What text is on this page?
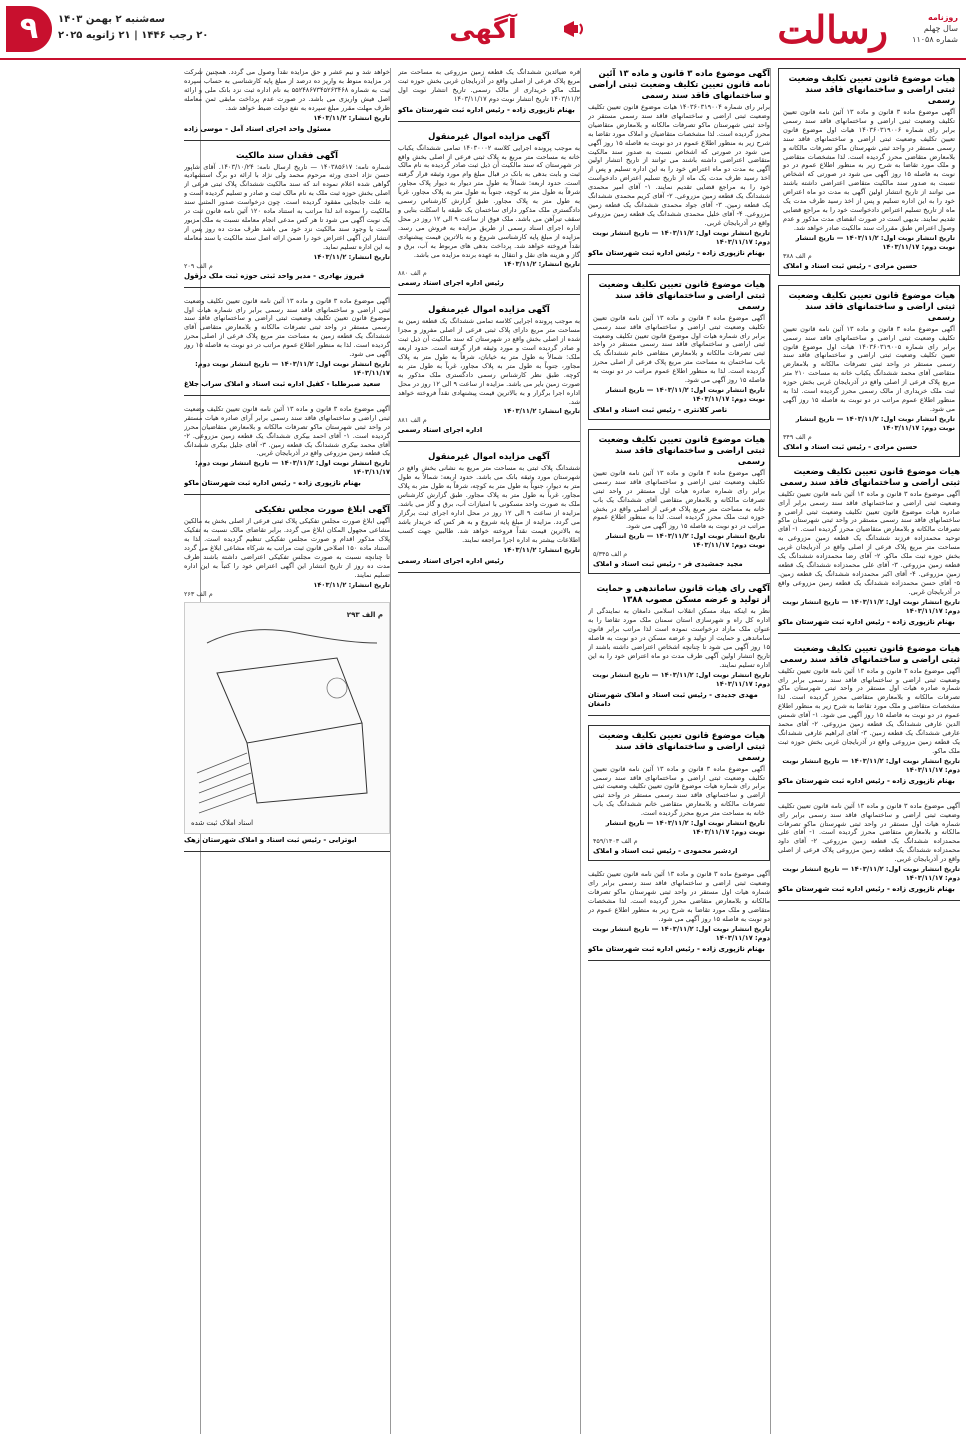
رسالت	روزنامه
سال چهلم
شماره ۱۱۰۵۸
آگهی
سه‌شنبه ۲ بهمن ۱۴۰۳
۲۰ رجب ۱۴۴۶ | ۲۱ ژانویه ۲۰۲۵
۹
هیات موضوع قانون تعیین تکلیف وضعیت ثبتی اراضی و ساختمانهای فاقد سند رسمی
آگهی موضوع ماده ۳ قانون و ماده ۱۳ آئین نامه قانون تعیین تکلیف وضعیت ثبتی اراضی و ساختمانهای فاقد سند رسمی برابر رای شماره ۱۴۰۳۶۰۳۱۹۰۰۶ هیات اول موضوع قانون تعیین تکلیف وضعیت ثبتی اراضی و ساختمانهای فاقد سند رسمی مستقر در واحد ثبتی شهرستان ماکو تصرفات مالکانه و بلامعارض متقاضی محرز گردیده است. لذا مشخصات متقاضی و ملک مورد تقاضا به شرح زیر به منظور اطلاع عموم در دو نوبت به فاصله ۱۵ روز آگهی می شود در صورتی که اشخاص نسبت به صدور سند مالکیت متقاضی اعتراضی داشته باشند می توانند از تاریخ انتشار اولین آگهی به مدت دو ماه اعتراض خود را به این اداره تسلیم و پس از اخذ رسید ظرف مدت یک ماه از تاریخ تسلیم اعتراض دادخواست خود را به مراجع قضایی تقدیم نمایند. بدیهی است در صورت انقضای مدت مذکور و عدم وصول اعتراض طبق مقررات سند مالکیت صادر خواهد شد.
تاریخ انتشار نوبت اول: ۱۴۰۳/۱۱/۲ — تاریخ انتشار نوبت دوم: ۱۴۰۳/۱۱/۱۷
م الف ۳۸۸
حسین مرادی - رئیس ثبت اسناد و املاک
هیات موضوع قانون تعیین تکلیف وضعیت ثبتی اراضی و ساختمانهای فاقد سند رسمی
آگهی موضوع ماده ۳ قانون و ماده ۱۳ آئین نامه قانون تعیین تکلیف وضعیت ثبتی اراضی و ساختمانهای فاقد سند رسمی برابر رای شماره ۱۴۰۳۶۰۳۱۹۰۰۵ هیات اول موضوع قانون تعیین تکلیف وضعیت ثبتی اراضی و ساختمانهای فاقد سند رسمی مستقر در واحد ثبتی تصرفات مالکانه و بلامعارض متقاضی آقای محمد ششدانگ یکباب خانه به مساحت ۲۱۰ متر مربع پلاک فرعی از اصلی واقع در آذربایجان غربی بخش حوزه ثبت ملک خریداری از مالک رسمی محرز گردیده است. لذا به منظور اطلاع عموم مراتب در دو نوبت به فاصله ۱۵ روز آگهی می شود.
تاریخ انتشار نوبت اول: ۱۴۰۳/۱۱/۲ — تاریخ انتشار نوبت دوم: ۱۴۰۳/۱۱/۱۷
م الف ۳۴۹
حسین مرادی - رئیس ثبت اسناد و املاک
هیات موضوع قانون تعیین تکلیف وضعیت ثبتی اراضی و ساختمانهای فاقد سند رسمی
آگهی موضوع ماده ۳ قانون و ماده ۱۳ آئین نامه قانون تعیین تکلیف وضعیت ثبتی اراضی و ساختمانهای فاقد سند رسمی برابر آرای صادره هیات موضوع قانون تعیین تکلیف وضعیت ثبتی اراضی و ساختمانهای فاقد سند رسمی مستقر در واحد ثبتی شهرستان ماکو تصرفات مالکانه و بلامعارض متقاضیان محرز گردیده است. ۱- آقای توحید محمدزاده فرزند ششدانگ یک قطعه زمین مزروعی به مساحت متر مربع پلاک فرعی از اصلی واقع در آذربایجان غربی بخش حوزه ثبت ملک ماکو. ۲- آقای رضا محمدزاده ششدانگ یک قطعه زمین مزروعی. ۳- آقای علی محمدزاده ششدانگ یک قطعه زمین مزروعی. ۴- آقای اکبر محمدزاده ششدانگ یک قطعه زمین. ۵- آقای حسن محمدزاده ششدانگ یک قطعه زمین مزروعی واقع در آذربایجان غربی.
تاریخ انتشار نوبت اول: ۱۴۰۳/۱۱/۲ — تاریخ انتشار نوبت دوم: ۱۴۰۳/۱۱/۱۷
بهنام نازپوری زاده - رئیس اداره ثبت شهرستان ماکو
هیات موضوع قانون تعیین تکلیف وضعیت ثبتی اراضی و ساختمانهای فاقد سند رسمی
آگهی موضوع ماده ۳ قانون و ماده ۱۳ آئین نامه قانون تعیین تکلیف وضعیت ثبتی اراضی و ساختمانهای فاقد سند رسمی برابر رای شماره صادره هیات اول مستقر در واحد ثبتی شهرستان ماکو تصرفات مالکانه و بلامعارض متقاضی محرز گردیده است. لذا مشخصات متقاضی و ملک مورد تقاضا به شرح زیر به منظور اطلاع عموم در دو نوبت به فاصله ۱۵ روز آگهی می شود. ۱- آقای شمس الدین عارفی ششدانگ یک قطعه زمین مزروعی. ۲- آقای محمد عارفی ششدانگ یک قطعه زمین. ۳- آقای ابراهیم عارفی ششدانگ یک قطعه زمین مزروعی واقع در آذربایجان غربی بخش حوزه ثبت ملک ماکو.
تاریخ انتشار نوبت اول: ۱۴۰۳/۱۱/۲ — تاریخ انتشار نوبت دوم: ۱۴۰۳/۱۱/۱۷
بهنام نازپوری زاده - رئیس اداره ثبت شهرستان ماکو
آگهی موضوع ماده ۳ قانون و ماده ۱۳ آئین نامه قانون تعیین تکلیف وضعیت ثبتی اراضی و ساختمانهای فاقد سند رسمی برابر رای شماره هیات اول مستقر در واحد ثبتی شهرستان ماکو تصرفات مالکانه و بلامعارض متقاضی محرز گردیده است. ۱- آقای علی محمدزاده ششدانگ یک قطعه زمین مزروعی. ۲- آقای داود محمدزاده ششدانگ یک قطعه زمین مزروعی پلاک فرعی از اصلی واقع در آذربایجان غربی.
تاریخ انتشار نوبت اول: ۱۴۰۳/۱۱/۲ — تاریخ انتشار نوبت دوم: ۱۴۰۳/۱۱/۱۷
بهنام نازپوری زاده - رئیس اداره ثبت شهرستان ماکو
آگهی موضوع ماده ۳ قانون و ماده ۱۳ آئین نامه قانون تعیین تکلیف وضعیت ثبتی اراضی و ساختمانهای فاقد سند رسمی
برابر رای شماره ۱۴۰۳۶۰۳۱۹۰۰۴ هیات موضوع قانون تعیین تکلیف وضعیت ثبتی اراضی و ساختمانهای فاقد سند رسمی مستقر در واحد ثبتی شهرستان ماکو تصرفات مالکانه و بلامعارض متقاضیان محرز گردیده است. لذا مشخصات متقاضیان و املاک مورد تقاضا به شرح زیر به منظور اطلاع عموم در دو نوبت به فاصله ۱۵ روز آگهی می شود در صورتی که اشخاص نسبت به صدور سند مالکیت متقاضی اعتراضی داشته باشند می توانند از تاریخ انتشار اولین آگهی به مدت دو ماه اعتراض خود را به این اداره تسلیم و پس از اخذ رسید ظرف مدت یک ماه از تاریخ تسلیم اعتراض دادخواست خود را به مراجع قضایی تقدیم نمایند. ۱- آقای امیر محمدی ششدانگ یک قطعه زمین مزروعی. ۲- آقای کریم محمدی ششدانگ یک قطعه زمین. ۳- آقای جواد محمدی ششدانگ یک قطعه زمین مزروعی. ۴- آقای خلیل محمدی ششدانگ یک قطعه زمین مزروعی واقع در آذربایجان غربی.
تاریخ انتشار نوبت اول: ۱۴۰۳/۱۱/۲ — تاریخ انتشار نوبت دوم: ۱۴۰۳/۱۱/۱۷
بهنام نازپوری زاده - رئیس اداره ثبت شهرستان ماکو
هیات موضوع قانون تعیین تکلیف وضعیت ثبتی اراضی و ساختمانهای فاقد سند رسمی
آگهی موضوع ماده ۳ قانون و ماده ۱۳ آئین نامه قانون تعیین تکلیف وضعیت ثبتی اراضی و ساختمانهای فاقد سند رسمی برابر رای شماره هیات اول موضوع قانون تعیین تکلیف وضعیت ثبتی اراضی و ساختمانهای فاقد سند رسمی مستقر در واحد ثبتی تصرفات مالکانه و بلامعارض متقاضی خانم ششدانگ یک باب ساختمان به مساحت متر مربع پلاک فرعی از اصلی محرز گردیده است. لذا به منظور اطلاع عموم مراتب در دو نوبت به فاصله ۱۵ روز آگهی می شود.
تاریخ انتشار نوبت اول: ۱۴۰۳/۱۱/۲ — تاریخ انتشار نوبت دوم: ۱۴۰۳/۱۱/۱۷
ناصر کلانتری - رئیس ثبت اسناد و املاک
هیات موضوع قانون تعیین تکلیف وضعیت ثبتی اراضی و ساختمانهای فاقد سند رسمی
آگهی موضوع ماده ۳ قانون و ماده ۱۳ آئین نامه قانون تعیین تکلیف وضعیت ثبتی اراضی و ساختمانهای فاقد سند رسمی برابر رای شماره صادره هیات اول مستقر در واحد ثبتی تصرفات مالکانه و بلامعارض متقاضی آقای ششدانگ یک باب خانه به مساحت متر مربع پلاک فرعی از اصلی واقع در بخش حوزه ثبت ملک محرز گردیده است. لذا به منظور اطلاع عموم مراتب در دو نوبت به فاصله ۱۵ روز آگهی می شود.
تاریخ انتشار نوبت اول: ۱۴۰۳/۱۱/۲ — تاریخ انتشار نوبت دوم: ۱۴۰۳/۱۱/۱۷
م الف ۵/۳۴۵
مجید جمشیدی فر - رئیس ثبت اسناد و املاک
آگهی رای هیات قانون ساماندهی و حمایت از تولید و عرضه مسکن مصوب ۱۳۸۸
نظر به اینکه بنیاد مسکن انقلاب اسلامی دامغان به نمایندگی از اداره کل راه و شهرسازی استان سمنان ملک مورد تقاضا را به عنوان ملک مازاد درخواست نموده است لذا مراتب برابر قانون ساماندهی و حمایت از تولید و عرضه مسکن در دو نوبت به فاصله ۱۵ روز آگهی می شود تا چنانچه اشخاص اعتراضی داشته باشند از تاریخ انتشار اولین آگهی ظرف مدت دو ماه اعتراض خود را به این اداره تسلیم نمایند.
تاریخ انتشار نوبت اول: ۱۴۰۳/۱۱/۲ — تاریخ انتشار نوبت دوم: ۱۴۰۳/۱۱/۱۷
مهدی جدیدی - رئیس ثبت اسناد و املاک شهرستان دامغان
هیات موضوع قانون تعیین تکلیف وضعیت ثبتی اراضی و ساختمانهای فاقد سند رسمی
آگهی موضوع ماده ۳ قانون و ماده ۱۳ آئین نامه قانون تعیین تکلیف وضعیت ثبتی اراضی و ساختمانهای فاقد سند رسمی برابر رای شماره هیات موضوع قانون تعیین تکلیف وضعیت ثبتی اراضی و ساختمانهای فاقد سند رسمی مستقر در واحد ثبتی تصرفات مالکانه و بلامعارض متقاضی خانم ششدانگ یک باب خانه به مساحت متر مربع محرز گردیده است.
تاریخ انتشار نوبت اول: ۱۴۰۳/۱۱/۲ — تاریخ انتشار نوبت دوم: ۱۴۰۳/۱۱/۱۷
م الف ۴۵۹/۱۴۰۳
اردشیر محمودی - رئیس ثبت اسناد و املاک
آگهی موضوع ماده ۳ قانون و ماده ۱۳ آئین نامه قانون تعیین تکلیف وضعیت ثبتی اراضی و ساختمانهای فاقد سند رسمی برابر رای شماره هیات اول مستقر در واحد ثبتی شهرستان ماکو تصرفات مالکانه و بلامعارض متقاضی محرز گردیده است. لذا مشخصات متقاضی و ملک مورد تقاضا به شرح زیر به منظور اطلاع عموم در دو نوبت به فاصله ۱۵ روز آگهی می شود.
تاریخ انتشار نوبت اول: ۱۴۰۳/۱۱/۲ — تاریخ انتشار نوبت دوم: ۱۴۰۳/۱۱/۱۷
بهنام نازپوری زاده - رئیس اداره ثبت شهرستان ماکو
قره ضیائدین ششدانگ یک قطعه زمین مزروعی به مساحت متر مربع پلاک فرعی از اصلی واقع در آذربایجان غربی بخش حوزه ثبت ملک ماکو خریداری از مالک رسمی. تاریخ انتشار نوبت اول ۱۴۰۳/۱۱/۲ تاریخ انتشار نوبت دوم ۱۴۰۳/۱۱/۱۷
بهنام نازپوری زاده - رئیس اداره ثبت شهرستان ماکو
آگهی مزایده اموال غیرمنقول
به موجب پرونده اجرایی کلاسه ۱۴۰۳۰۰۰۲ تمامی ششدانگ یکباب خانه به مساحت متر مربع به پلاک ثبتی فرعی از اصلی بخش واقع در شهرستان که سند مالکیت آن ذیل ثبت صادر گردیده به نام مالک ثبت و بابت بدهی به بانک در قبال مبلغ وام مورد وثیقه قرار گرفته است. حدود اربعه: شمالاً به طول متر دیوار به دیوار پلاک مجاور، شرقاً به طول متر به کوچه، جنوباً به طول متر به پلاک مجاور، غرباً به طول متر به پلاک مجاور. طبق گزارش کارشناس رسمی دادگستری ملک مذکور دارای ساختمان یک طبقه با اسکلت بنایی و سقف تیرآهن می باشد. ملک فوق از ساعت ۹ الی ۱۲ روز در محل اداره اجرای اسناد رسمی از طریق مزایده به فروش می رسد. مزایده از مبلغ پایه کارشناسی شروع و به بالاترین قیمت پیشنهادی نقداً فروخته خواهد شد. پرداخت بدهی های مربوط به آب، برق و گاز و هزینه های نقل و انتقال به عهده برنده مزایده می باشد.
تاریخ انتشار: ۱۴۰۳/۱۱/۲
م الف ۸۸۰
رئیس اداره اجرای اسناد رسمی
آگهی مزایده اموال غیرمنقول
به موجب پرونده اجرایی کلاسه تمامی ششدانگ یک قطعه زمین به مساحت متر مربع دارای پلاک ثبتی فرعی از اصلی مفروز و مجزا شده از اصلی بخش واقع در شهرستان که سند مالکیت آن ذیل ثبت و صادر گردیده است و مورد وثیقه قرار گرفته است. حدود اربعه ملک: شمالاً به طول متر به خیابان، شرقاً به طول متر به پلاک مجاور، جنوباً به طول متر به پلاک مجاور، غرباً به طول متر به کوچه. طبق نظر کارشناس رسمی دادگستری ملک مذکور به صورت زمین بایر می باشد. مزایده از ساعت ۹ الی ۱۲ روز در محل اداره اجرا برگزار و به بالاترین قیمت پیشنهادی نقداً فروخته خواهد شد.
تاریخ انتشار: ۱۴۰۳/۱۱/۲
م الف ۸۸۱
اداره اجرای اسناد رسمی
آگهی مزایده اموال غیرمنقول
ششدانگ پلاک ثبتی به مساحت متر مربع به نشانی بخش واقع در شهرستان مورد وثیقه بانک می باشد. حدود اربعه: شمالاً به طول متر به دیوار، جنوباً به طول متر به کوچه، شرقاً به طول متر به پلاک مجاور، غرباً به طول متر به پلاک مجاور. طبق گزارش کارشناس ملک به صورت واحد مسکونی با امتیازات آب، برق و گاز می باشد. مزایده از ساعت ۹ الی ۱۲ روز در محل اداره اجرای ثبت برگزار می گردد. مزایده از مبلغ پایه شروع و به هر کس که خریدار باشد به بالاترین قیمت نقداً فروخته خواهد شد. طالبین جهت کسب اطلاعات بیشتر به اداره اجرا مراجعه نمایند.
تاریخ انتشار: ۱۴۰۳/۱۱/۲
رئیس اداره اجرای اسناد رسمی
خواهد شد و نیم عشر و حق مزایده نقداً وصول می گردد. همچنین شرکت در مزایده منوط به واریز ده درصد از مبلغ پایه کارشناسی به حساب سپرده ثبت به شماره ۵۵۲۴۸۶۷۳۴۵۲۶۳۴۶۸ به نام اداره ثبت نزد بانک ملی و ارائه اصل فیش واریزی می باشد. در صورت عدم پرداخت مابقی ثمن معامله ظرف مهلت مقرر مبلغ سپرده به نفع دولت ضبط خواهد شد.
تاریخ انتشار: ۱۴۰۳/۱۱/۲
مسئول واحد اجرای اسناد آمل - موسی زاده
آگهی فقدان سند مالکیت
شماره نامه: ۱۴۰۳۸۵۶۱۷ — تاریخ ارسال نامه: ۱۴۰۳/۱۰/۲۴. آقای شاپور حسن نژاد احدی ورثه مرحوم محمد ولی نژاد با ارائه دو برگ استشهادیه گواهی شده اعلام نموده اند که سند مالکیت ششدانگ پلاک ثبتی فرعی از اصلی بخش حوزه ثبت ملک به نام مالک ثبت و صادر و تسلیم گردیده است و به علت جابجایی مفقود گردیده است. چون درخواست صدور المثنی سند مالکیت را نموده اند لذا مراتب به استناد ماده ۱۲۰ آئین نامه قانون ثبت در یک نوبت آگهی می شود تا هر کس مدعی انجام معامله نسبت به ملک مزبور است یا وجود سند مالکیت نزد خود می باشد ظرف مدت ده روز پس از انتشار این آگهی اعتراض خود را ضمن ارائه اصل سند مالکیت یا سند معامله به این اداره تسلیم نماید.
تاریخ انتشار: ۱۴۰۳/۱۱/۲
م الف ۲۰۹
فیروز بهادری - مدیر واحد ثبتی حوزه ثبت ملک درقول
آگهی موضوع ماده ۳ قانون و ماده ۱۳ آئین نامه قانون تعیین تکلیف وضعیت ثبتی اراضی و ساختمانهای فاقد سند رسمی برابر رای شماره هیات اول موضوع قانون تعیین تکلیف وضعیت ثبتی اراضی و ساختمانهای فاقد سند رسمی مستقر در واحد ثبتی تصرفات مالکانه و بلامعارض متقاضی آقای ششدانگ یک قطعه زمین به مساحت متر مربع پلاک فرعی از اصلی محرز گردیده است. لذا به منظور اطلاع عموم مراتب در دو نوبت به فاصله ۱۵ روز آگهی می شود.
تاریخ انتشار نوبت اول: ۱۴۰۳/۱۱/۲ — تاریخ انتشار نوبت دوم: ۱۴۰۳/۱۱/۱۷
سعید صبرطلبا - کفیل اداره ثبت اسناد و املاک سراب جلاغ
آگهی موضوع ماده ۳ قانون و ماده ۱۳ آئین نامه قانون تعیین تکلیف وضعیت ثبتی اراضی و ساختمانهای فاقد سند رسمی برابر آرای صادره هیات مستقر در واحد ثبتی شهرستان ماکو تصرفات مالکانه و بلامعارض متقاضیان محرز گردیده است. ۱- آقای احمد بیکری ششدانگ یک قطعه زمین مزروعی. ۲- آقای محمد بیکری ششدانگ یک قطعه زمین. ۳- آقای جلیل بیکری ششدانگ یک قطعه زمین مزروعی واقع در آذربایجان غربی.
تاریخ انتشار نوبت اول: ۱۴۰۳/۱۱/۲ — تاریخ انتشار نوبت دوم: ۱۴۰۳/۱۱/۱۷
بهنام نازپوری زاده - رئیس اداره ثبت شهرستان ماکو
آگهی ابلاغ صورت مجلس تفکیکی
آگهی ابلاغ صورت مجلس تفکیکی پلاک ثبتی فرعی از اصلی بخش به مالکین مشاعی مجهول المکان ابلاغ می گردد. برابر تقاضای مالک نسبت به تفکیک پلاک مذکور اقدام و صورت مجلس تفکیکی تنظیم گردیده است. لذا به استناد ماده ۱۵۰ اصلاحی قانون ثبت مراتب به شرکاء مشاعی ابلاغ می گردد تا چنانچه نسبت به صورت مجلس تفکیکی اعتراضی داشته باشند ظرف مدت ده روز از تاریخ انتشار این آگهی اعتراض خود را کتباً به این اداره تسلیم نمایند.
تاریخ انتشار: ۱۴۰۳/۱۱/۲
م الف ۲۶۳
م الف ۲۹۳
اسناد املاک ثبت شده
ابوترابی - رئیس ثبت اسناد و املاک شهرستان زهک
